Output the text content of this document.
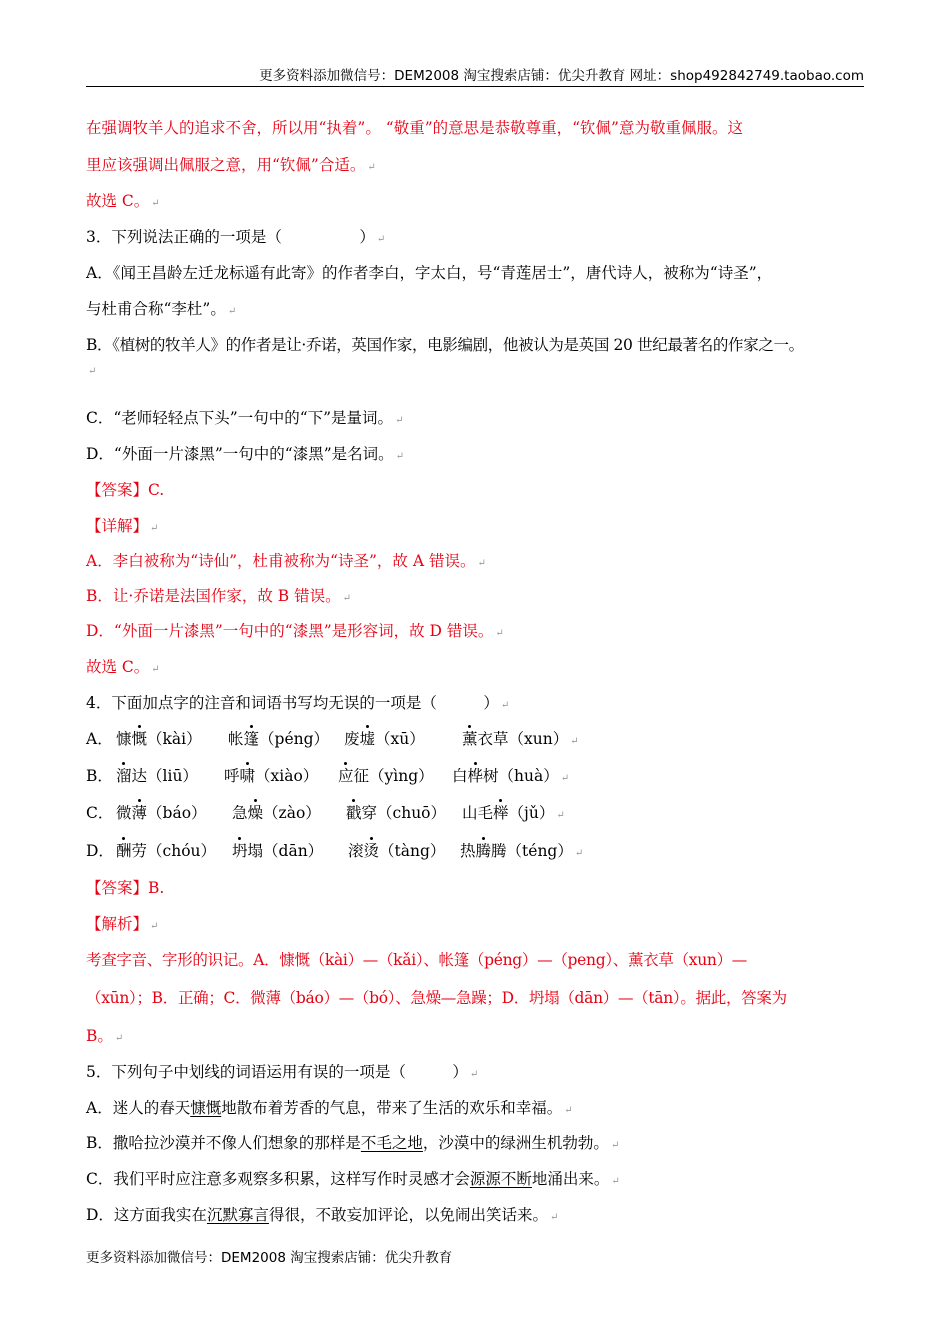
更多资料添加微信号：DEM2008 淘宝搜索店铺：优尖升教育 网址：shop492842749.taobao.com
在强调牧羊人的追求不舍，所以用“执着”。 “敬重”的意思是恭敬尊重，“钦佩”意为敬重佩服。这
里应该强调出佩服之意，用“钦佩”合适。 ↵
故选 C。 ↵
3．下列说法正确的一项是（　　　　　） ↵
A．《闻王昌龄左迁龙标遥有此寄》的作者李白，字太白，号“青莲居士”，唐代诗人，被称为“诗圣”，
与杜甫合称“李杜”。 ↵
B．《植树的牧羊人》的作者是让·乔诺，英国作家，电影编剧，他被认为是英国 20 世纪最著名的作家之一。
↵
C．“老师轻轻点下头”一句中的“下”是量词。 ↵
D．“外面一片漆黑”一句中的“漆黑”是名词。 ↵
【答案】C.
【详解】 ↵
A．李白被称为“诗仙”，杜甫被称为“诗圣”，故 A 错误。 ↵
B．让·乔诺是法国作家，故 B 错误。 ↵
D．“外面一片漆黑”一句中的“漆黑”是形容词，故 D 错误。 ↵
故选 C。 ↵
4．下面加点字的注音和词语书写均无误的一项是（　　　） ↵
A． 慷慨（kài） 帐篷（péng） 废墟（xū） 薰衣草（xun） ↵
B． 溜达（liū） 呼啸（xiào） 应征（yìng） 白桦树（huà） ↵
C． 微薄（báo） 急燥（zào） 戳穿（chuō） 山毛榉（jǔ） ↵
D． 酬劳（chóu） 坍塌（dān） 滚烫（tàng） 热腾腾（téng） ↵
【答案】B.
【解析】 ↵
考查字音、字形的识记。A．慷慨（kài）—（kǎi）、帐篷（péng）—（peng）、薰衣草（xun）—
（xūn）；B．正确；C．微薄（báo）—（bó）、急燥—急躁；D．坍塌（dān）—（tān）。据此，答案为
B。 ↵
5．下列句子中划线的词语运用有误的一项是（　　　） ↵
A．迷人的春天慷慨地散布着芳香的气息，带来了生活的欢乐和幸福。 ↵
B．撒哈拉沙漠并不像人们想象的那样是不毛之地，沙漠中的绿洲生机勃勃。 ↵
C．我们平时应注意多观察多积累，这样写作时灵感才会源源不断地涌出来。 ↵
D．这方面我实在沉默寡言得很，不敢妄加评论，以免闹出笑话来。 ↵
更多资料添加微信号：DEM2008 淘宝搜索店铺：优尖升教育
